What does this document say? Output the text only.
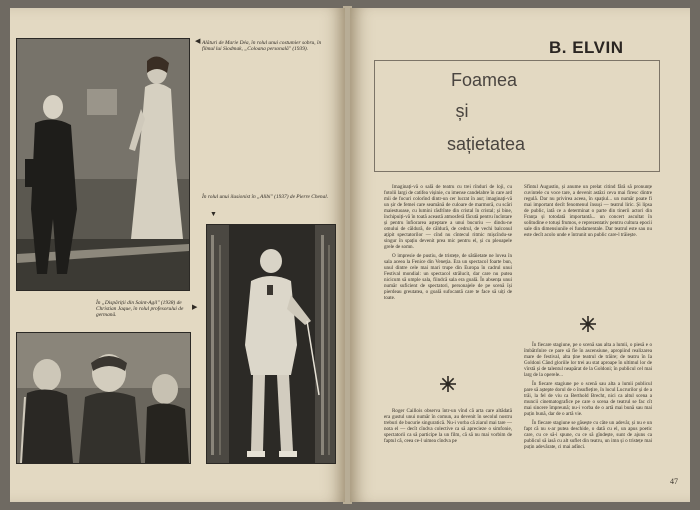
◀ Alături de Marie Déa, în rolul unui costumier sobru, în filmul lui Siodmak, „Coloana personală" (1939).
În rolul unui ilusionist în „Alibi" (1937) de Pierre Chenal.
▼
▶
În „Dispăriții din Saint-Agil" (1938) de Christian Jaque, în rolul profesorului de germană.
B. ELVIN
Foamea
și
sațietatea

Imaginați-vă o sală de teatru cu trei rînduri de loji, cu fotolii largi de catifea vișinie, cu imense candelabre în care ard mii de focuri colorînd dintr-un cer lucrat în aur; imaginați-vă un șir de femei care seamănă de culoare de marmoră, cu scări maiestuoase, cu lumini răsfrînte din cristal în cristal; și bine, închipuiți-vă în toată această atmosferă făcută pentru încîntare și pentru înfiorarea așteptare a unui bucuriu — dindu-ne omului de căldură, de căldură, de cedrul, de vechi balconul ațipit spectatorilor — cînd nu cîntecul ritmic mișcîndu-se singur în spațiu devenit prea mic pentru el, și cu pleoapele grele de somn.

O impresie de pustiu, de tristețe, de sătăietate ne lovea în sala aceea la Fenice din Veneția. Era un spectacol foarte bun, unul dintre cele mai mari trupe din Europa în cadrul unui Festival mondial: un spectacol strălucit, dar care nu putea nicicum să umple sala, fiindcă sala era goală. În absența unui număr suficient de spectatori, personajele de pe scenă își pierdeau greutatea, o goală sufocantă care te face să uiți de toate.

Roger Caillois observa într-un vînd că arta care altădată era gustul unui număr în comun, au devenit în secolul nostru treburi de bucurie singuratică. Nu-i vorba că ziarul mai tare — nota el — decît cîndva colective ca să aprecieze o simfonie, spectatorii ca să participe la un film, că să nu mai vorbim de faptul că, ceea ce-l uimea cîndva pe

Sfîntul Augustin, și anume un prelat citind fără să pronunțe cuvintele cu voce tare, a devenit astăzi ceva mai firesc dintre regulă. Dar nu privirea aceea, în spațiul... un număr poate fi mai important decît fenomenul însuși — teatrul liric. Și lipsa de public, iată ce a determinat o parte din tinerii actori din Franța și totodată importantă... un concert ascultat în solitudine e totuși frumos, e reprezentativ pentru cultura epocii sale din dimensiunile ei fundamentale. Dar teatrul este sau nu este decît acolo unde e întrunit un public care-l trăiește.

În fiecare stagiune, pe o scenă sau alta a lumii, o piesă e o îmbătrînire ce pare să fie în ascensiune, apropiind realizarea mare de festival, alta ține teatrul de trăire; de teatru în Ia Goldoni Cănd gloriile lor trei au stat aproape în ultimul lor de vîrstă și de talentul neapărat de la Goldoni; în publicul cel mai larg de la operele...

În fiecare stagiune pe o scenă sau alta a lumii publicul pare să aștepte dorul de o însuflețire, în locul Lucrurilor și de a trăi, la fel de viu ca Berthold Brecht, nici ca altul scena a muncii cinematografice pe care o scena de teatrul se fac cît mai sincere împreună; nu-i vorba de o artă mai bună sau mai puțin bună, dar de o artă vie.

În fiecare stagiune se găsește cu câte un adevăr, și nu e un fapt că nu s-ar putea deschide, o dată cu el, un apus poetic care, cu ce să-i spune, cu ce să gîndește, sunt de ajuns ca publicul să iasă cu alt suflet din teatru, un imn și o tristețe mai puțin adevărate, ci mai adînci.

47
